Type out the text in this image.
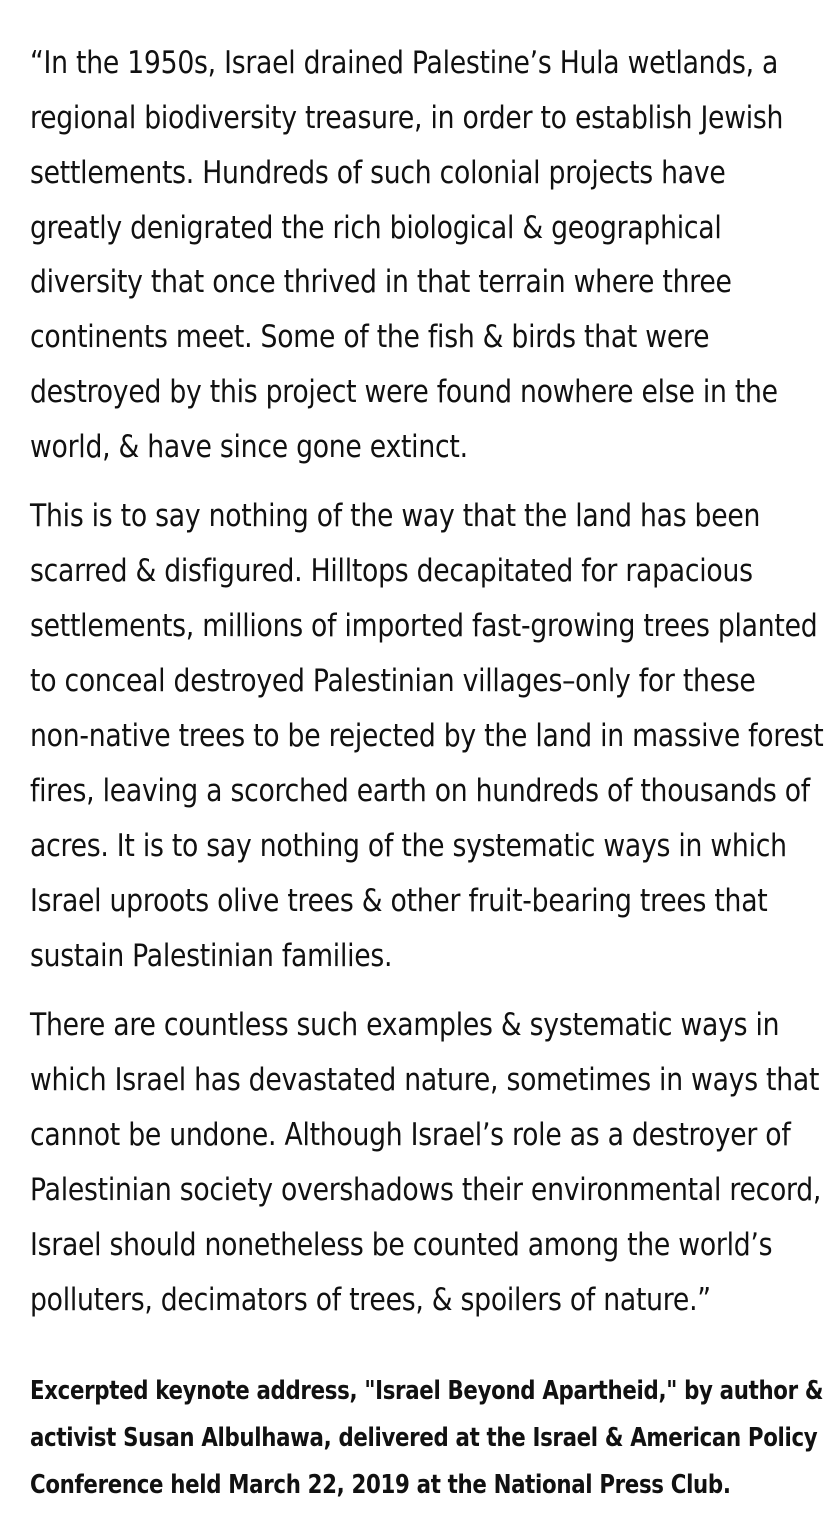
“In the 1950s, Israel drained Palestine’s Hula wetlands, a
regional biodiversity treasure, in order to establish Jewish
settlements. Hundreds of such colonial projects have
greatly denigrated the rich biological & geographical
diversity that once thrived in that terrain where three
continents meet. Some of the fish & birds that were
destroyed by this project were found nowhere else in the
world, & have since gone extinct.
This is to say nothing of the way that the land has been
scarred & disfigured. Hilltops decapitated for rapacious
settlements, millions of imported fast-growing trees planted
to conceal destroyed Palestinian villages–only for these
non-native trees to be rejected by the land in massive forest
fires, leaving a scorched earth on hundreds of thousands of
acres. It is to say nothing of the systematic ways in which
Israel uproots olive trees & other fruit-bearing trees that
sustain Palestinian families.
There are countless such examples & systematic ways in
which Israel has devastated nature, sometimes in ways that
cannot be undone. Although Israel’s role as a destroyer of
Palestinian society overshadows their environmental record,
Israel should nonetheless be counted among the world’s
polluters, decimators of trees, & spoilers of nature.”
Excerpted keynote address, "Israel Beyond Apartheid," by author &
activist Susan Albulhawa, delivered at the Israel & American Policy
Conference held March 22, 2019 at the National Press Club.
